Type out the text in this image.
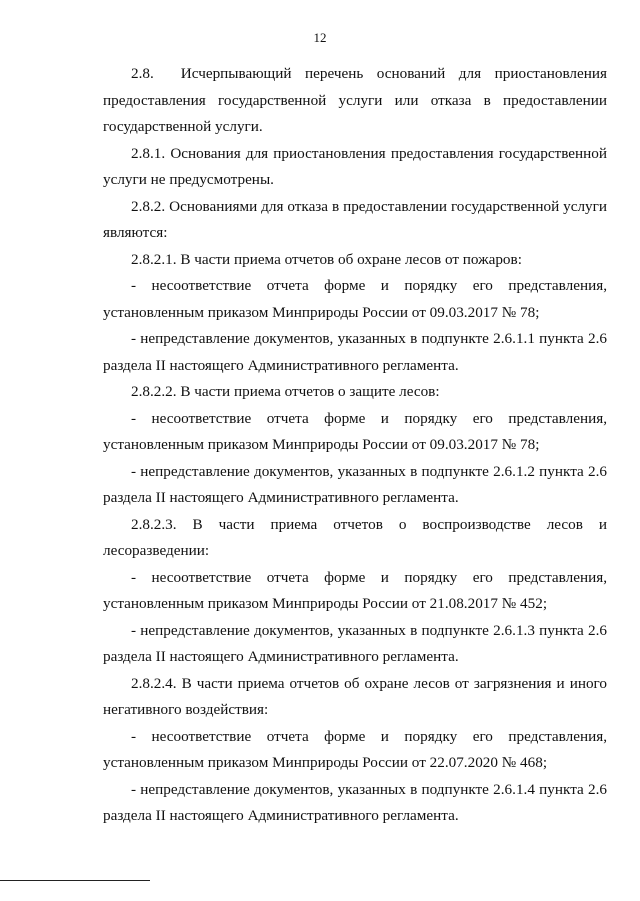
12

2.8.  Исчерпывающий перечень оснований для приостановления предоставления государственной услуги или отказа в предоставлении государственной услуги.

2.8.1. Основания для приостановления предоставления государственной услуги не предусмотрены.

2.8.2. Основаниями для отказа в предоставлении государственной услуги являются:

2.8.2.1. В части приема отчетов об охране лесов от пожаров:

- несоответствие отчета форме и порядку его представления, установленным приказом Минприроды России от 09.03.2017 № 78;

- непредставление документов, указанных в подпункте 2.6.1.1 пункта 2.6 раздела II настоящего Административного регламента.

2.8.2.2. В части приема отчетов о защите лесов:

- несоответствие отчета форме и порядку его представления, установленным приказом Минприроды России от 09.03.2017 № 78;

- непредставление документов, указанных в подпункте 2.6.1.2 пункта 2.6 раздела II настоящего Административного регламента.

2.8.2.3. В части приема отчетов о воспроизводстве лесов и лесоразведении:

- несоответствие отчета форме и порядку его представления, установленным приказом Минприроды России от 21.08.2017 № 452;

- непредставление документов, указанных в подпункте 2.6.1.3 пункта 2.6 раздела II настоящего Административного регламента.

2.8.2.4. В части приема отчетов об охране лесов от загрязнения и иного негативного воздействия:

- несоответствие отчета форме и порядку его представления, установленным приказом Минприроды России от 22.07.2020 № 468;

- непредставление документов, указанных в подпункте 2.6.1.4 пункта 2.6 раздела II настоящего Административного регламента.
